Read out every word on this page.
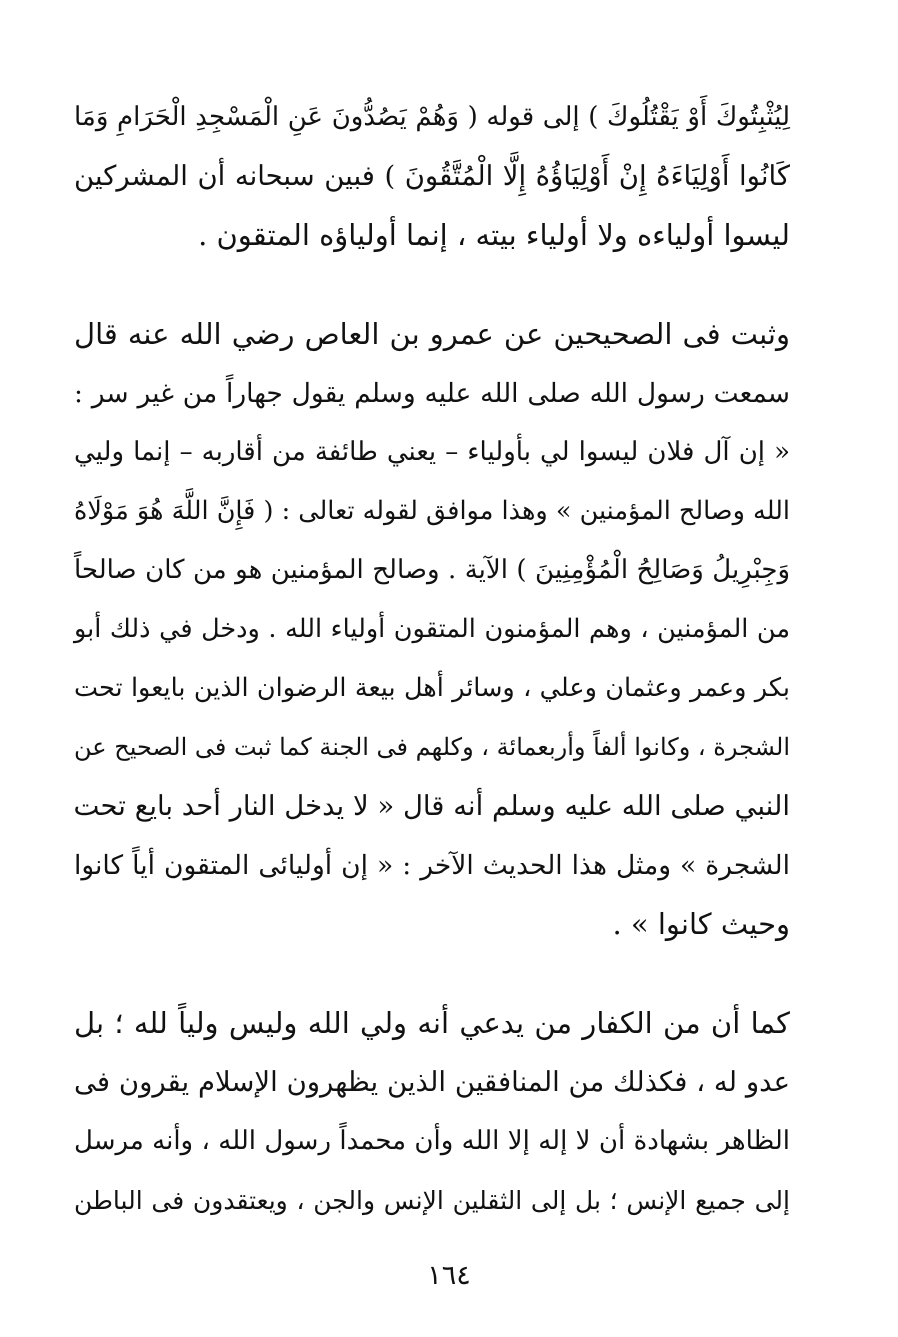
لِيُثْبِتُوكَ أَوْ يَقْتُلُوكَ ) إلى قوله ( وَهُمْ يَصُدُّونَ عَنِ الْمَسْجِدِ الْحَرَامِ وَمَا

كَانُوا أَوْلِيَاءَهُ إِنْ أَوْلِيَاؤُهُ إِلَّا الْمُتَّقُونَ ) فبين سبحانه أن المشركين

ليسوا أولياءه ولا أولياء بيته ، إنما أولياؤه المتقون .

وثبت فى الصحيحين عن عمرو بن العاص رضي الله عنه قال

سمعت رسول الله صلى الله عليه وسلم يقول جهاراً من غير سر :

« إن آل فلان ليسوا لي بأولياء – يعني طائفة من أقاربه – إنما وليي

الله وصالح المؤمنين » وهذا موافق لقوله تعالى : ( فَإِنَّ اللَّهَ هُوَ مَوْلَاهُ

وَجِبْرِيلُ وَصَالِحُ الْمُؤْمِنِينَ ) الآية . وصالح المؤمنين هو من كان صالحاً

من المؤمنين ، وهم المؤمنون المتقون أولياء الله . ودخل في ذلك أبو

بكر وعمر وعثمان وعلي ، وسائر أهل بيعة الرضوان الذين بايعوا تحت

الشجرة ، وكانوا ألفاً وأربعمائة ، وكلهم فى الجنة كما ثبت فى الصحيح عن

النبي صلى الله عليه وسلم أنه قال « لا يدخل النار أحد بايع تحت

الشجرة » ومثل هذا الحديث الآخر : « إن أوليائى المتقون أياً كانوا

وحيث كانوا » .

كما أن من الكفار من يدعي أنه ولي الله وليس ولياً لله ؛ بل

عدو له ، فكذلك من المنافقين الذين يظهرون الإسلام يقرون فى

الظاهر بشهادة أن لا إله إلا الله وأن محمداً رسول الله ، وأنه مرسل

إلى جميع الإنس ؛ بل إلى الثقلين الإنس والجن ، ويعتقدون فى الباطن

١٦٤
